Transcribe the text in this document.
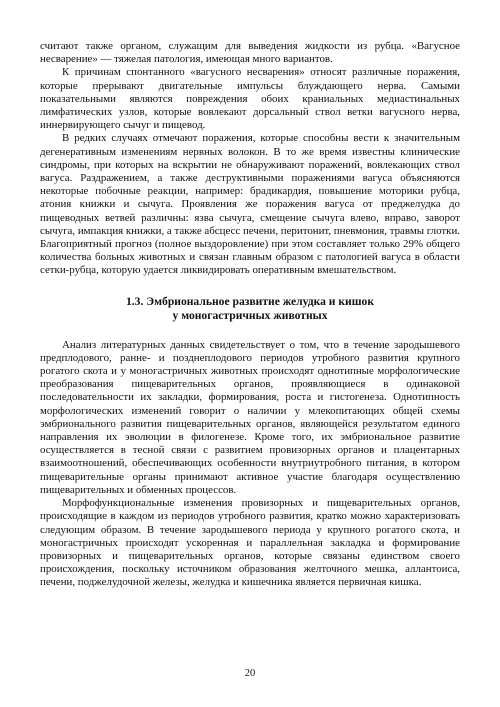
считают также органом, служащим для выведения жидкости из рубца. «Вагусное несварение» — тяжелая патология, имеющая много вариантов.

К причинам спонтанного «вагусного несварения» относят различные поражения, которые прерывают двигательные импульсы блуждающего нерва. Самыми показательными являются повреждения обоих краниальных медиастинальных лимфатических узлов, которые вовлекают дорсальный ствол ветки вагусного нерва, иннервирующего сычуг и пищевод.

В редких случаях отмечают поражения, которые способны вести к значительным дегенеративным изменениям нервных волокон. В то же время известны клинические синдромы, при которых на вскрытии не обнаруживают поражений, вовлекающих ствол вагуса. Раздражением, а также деструктивными поражениями вагуса объясняются некоторые побочные реакции, например: брадикардия, повышение моторики рубца, атония книжки и сычуга. Проявления же поражения вагуса от преджелудка до пищеводных ветвей различны: язва сычуга, смещение сычуга влево, вправо, заворот сычуга, импакция книжки, а также абсцесс печени, перитонит, пневмония, травмы глотки. Благоприятный прогноз (полное выздоровление) при этом составляет только 29% общего количества больных животных и связан главным образом с патологией вагуса в области сетки-рубца, которую удается ликвидировать оперативным вмешательством.

1.3. Эмбриональное развитие желудка и кишок
у моногастричных животных

Анализ литературных данных свидетельствует о том, что в течение зародышевого предплодового, ранне- и позднеплодового периодов утробного развития крупного рогатого скота и у моногастричных животных происходят однотипные морфологические преобразования пищеварительных органов, проявляющиеся в одинаковой последовательности их закладки, формирования, роста и гистогенеза. Однотипность морфологических изменений говорит о наличии у млекопитающих общей схемы эмбрионального развития пищеварительных органов, являющейся результатом единого направления их эволюции в филогенезе. Кроме того, их эмбриональное развитие осуществляется в тесной связи с развитием провизорных органов и плацентарных взаимоотношений, обеспечивающих особенности внутриутробного питания, в котором пищеварительные органы принимают активное участие благодаря осуществлению пищеварительных и обменных процессов.

Морфофункциональные изменения провизорных и пищеварительных органов, происходящие в каждом из периодов утробного развития, кратко можно характеризовать следующим образом. В течение зародышевого периода у крупного рогатого скота, и моногастричных происходят ускоренная и параллельная закладка и формирование провизорных и пищеварительных органов, которые связаны единством своего происхождения, поскольку источником образования желточного мешка, аллантоиса, печени, поджелудочной железы, желудка и кишечника является первичная кишка.

20
